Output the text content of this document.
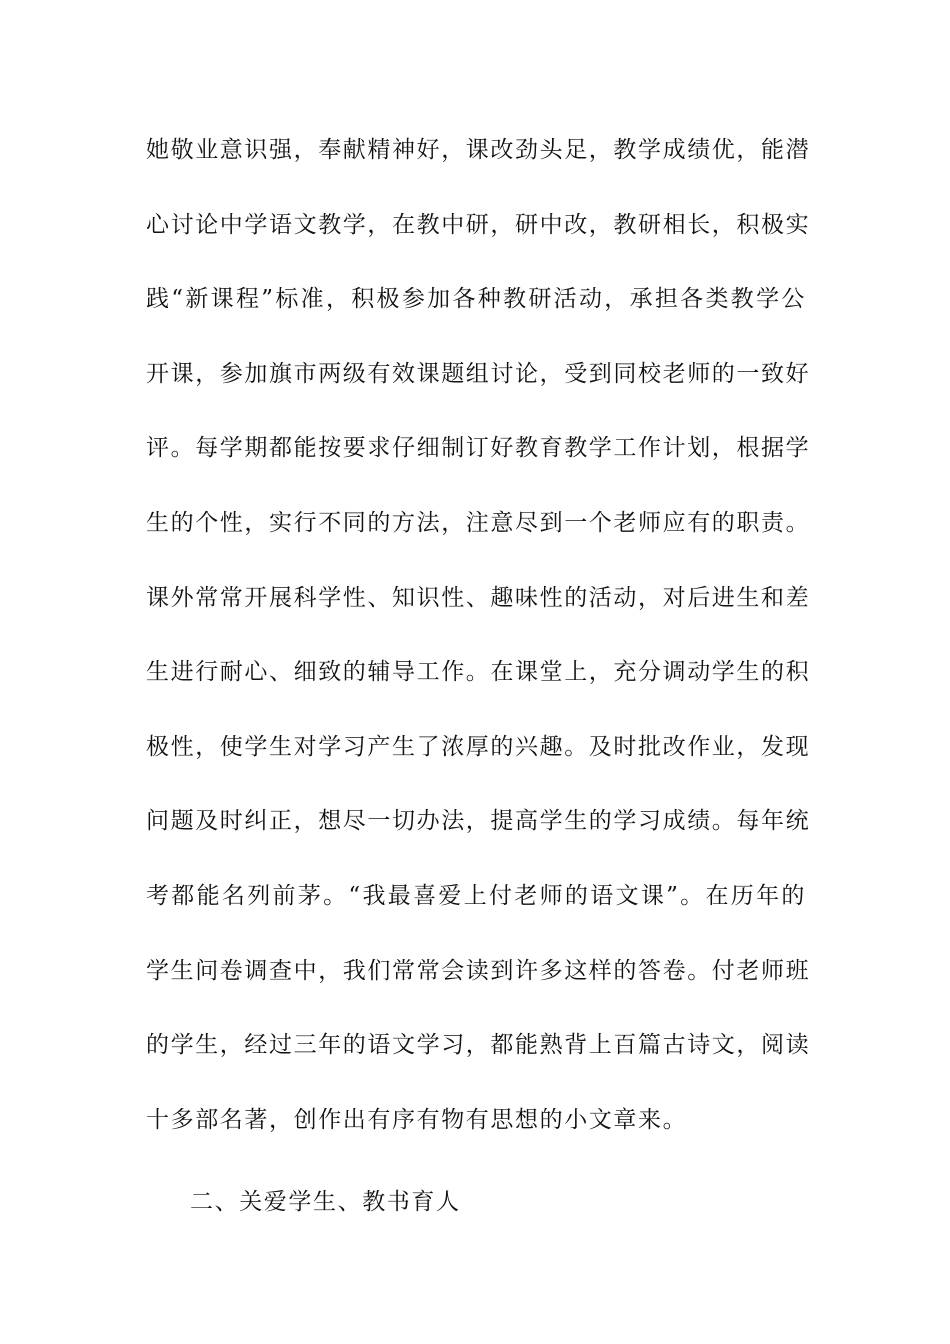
她敬业意识强，奉献精神好，课改劲头足，教学成绩优，能潜
心讨论中学语文教学，在教中研，研中改，教研相长，积极实
践“新课程”标准，积极参加各种教研活动，承担各类教学公
开课，参加旗市两级有效课题组讨论，受到同校老师的一致好
评。每学期都能按要求仔细制订好教育教学工作计划，根据学
生的个性，实行不同的方法，注意尽到一个老师应有的职责。
课外常常开展科学性、知识性、趣味性的活动，对后进生和差
生进行耐心、细致的辅导工作。在课堂上，充分调动学生的积
极性，使学生对学习产生了浓厚的兴趣。及时批改作业，发现
问题及时纠正，想尽一切办法，提高学生的学习成绩。每年统
考都能名列前茅。“我最喜爱上付老师的语文课”。在历年的
学生问卷调查中，我们常常会读到许多这样的答卷。付老师班
的学生，经过三年的语文学习，都能熟背上百篇古诗文，阅读
十多部名著，创作出有序有物有思想的小文章来。
二、关爱学生、教书育人
